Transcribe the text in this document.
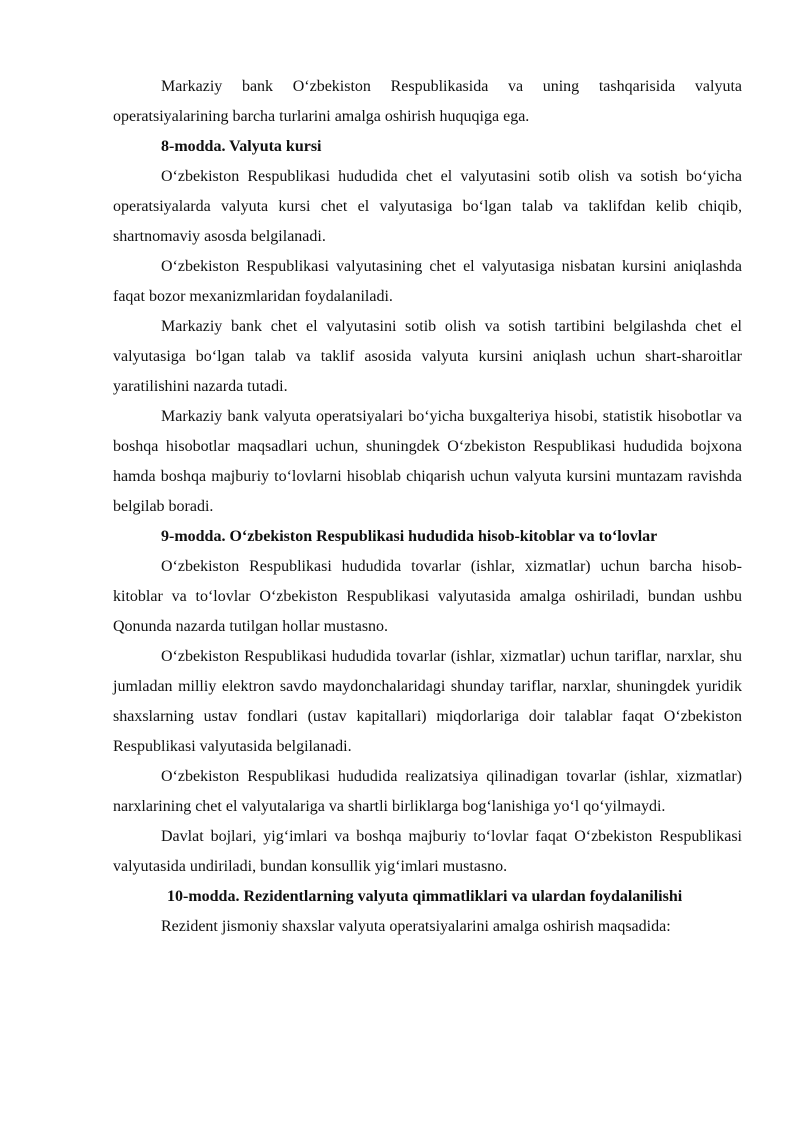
Markaziy bank O‘zbekiston Respublikasida va uning tashqarisida valyuta operatsiyalarining barcha turlarini amalga oshirish huquqiga ega.

8-modda. Valyuta kursi

O‘zbekiston Respublikasi hududida chet el valyutasini sotib olish va sotish bo‘yicha operatsiyalarda valyuta kursi chet el valyutasiga bo‘lgan talab va taklifdan kelib chiqib, shartnomaviy asosda belgilanadi.

O‘zbekiston Respublikasi valyutasining chet el valyutasiga nisbatan kursini aniqlashda faqat bozor mexanizmlaridan foydalaniladi.

Markaziy bank chet el valyutasini sotib olish va sotish tartibini belgilashda chet el valyutasiga bo‘lgan talab va taklif asosida valyuta kursini aniqlash uchun shart-sharoitlar yaratilishini nazarda tutadi.

Markaziy bank valyuta operatsiyalari bo‘yicha buxgalteriya hisobi, statistik hisobotlar va boshqa hisobotlar maqsadlari uchun, shuningdek O‘zbekiston Respublikasi hududida bojxona hamda boshqa majburiy to‘lovlarni hisoblab chiqarish uchun valyuta kursini muntazam ravishda belgilab boradi.

9-modda. O‘zbekiston Respublikasi hududida hisob-kitoblar va to‘lovlar

O‘zbekiston Respublikasi hududida tovarlar (ishlar, xizmatlar) uchun barcha hisob-kitoblar va to‘lovlar O‘zbekiston Respublikasi valyutasida amalga oshiriladi, bundan ushbu Qonunda nazarda tutilgan hollar mustasno.

O‘zbekiston Respublikasi hududida tovarlar (ishlar, xizmatlar) uchun tariflar, narxlar, shu jumladan milliy elektron savdo maydonchalaridagi shunday tariflar, narxlar, shuningdek yuridik shaxslarning ustav fondlari (ustav kapitallari) miqdorlariga doir talablar faqat O‘zbekiston Respublikasi valyutasida belgilanadi.

O‘zbekiston Respublikasi hududida realizatsiya qilinadigan tovarlar (ishlar, xizmatlar) narxlarining chet el valyutalariga va shartli birliklarga bog‘lanishiga yo‘l qo‘yilmaydi.

Davlat bojlari, yig‘imlari va boshqa majburiy to‘lovlar faqat O‘zbekiston Respublikasi valyutasida undiriladi, bundan konsullik yig‘imlari mustasno.

10-modda. Rezidentlarning valyuta qimmatliklari va ulardan foydalanilishi

Rezident jismoniy shaxslar valyuta operatsiyalarini amalga oshirish maqsadida:
